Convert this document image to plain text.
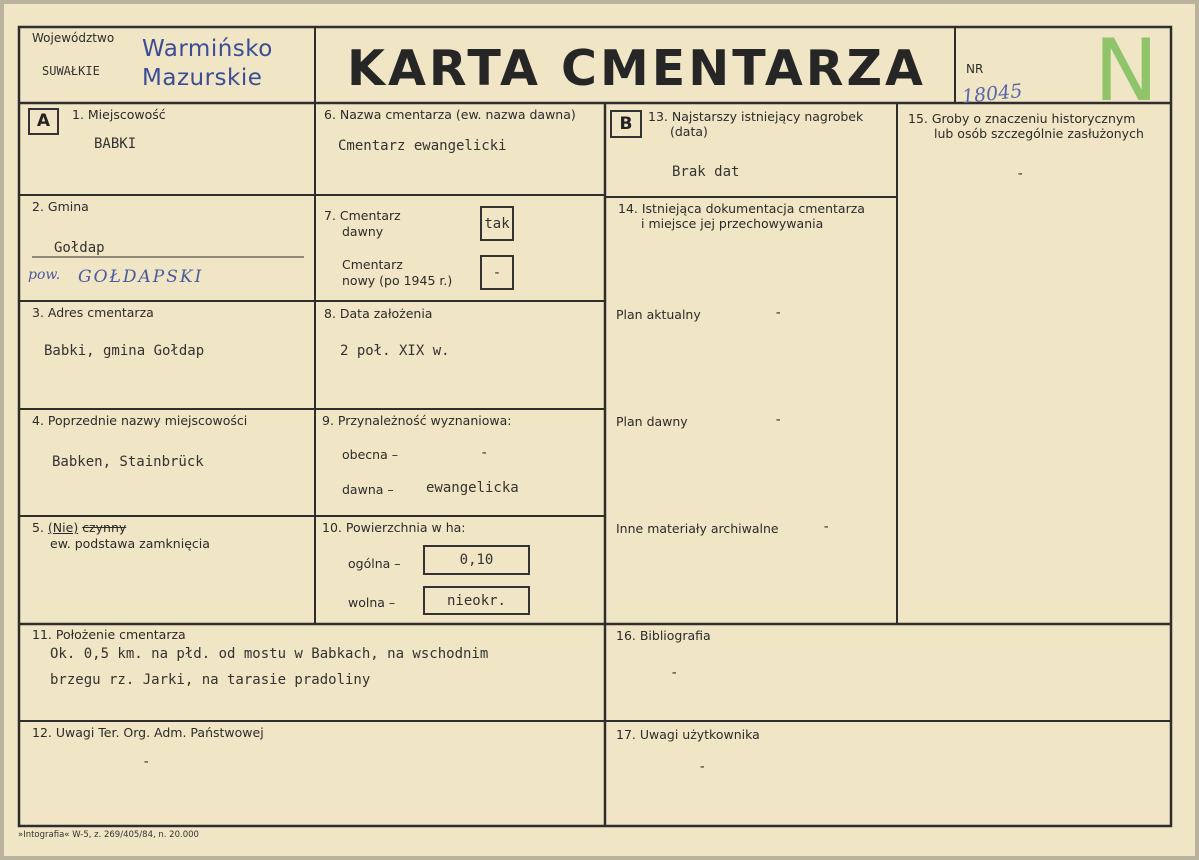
Województwo
SUWAŁKIE
Warmińsko
Mazurskie KARTA CMENTARZA	NR
18045 N
A	1. Miejscowość
BABKI
2. Gmina
Gołdap
pow. GOŁDAPSKI
3. Adres cmentarza
Babki, gmina Gołdap
4. Poprzednie nazwy miejscowości
Babken, Stainbrück
5. (Nie) czynny
ew. podstawa zamknięcia
6. Nazwa cmentarza (ew. nazwa dawna)
Cmentarz ewangelicki
7. Cmentarz
dawny	tak
Cmentarz
nowy (po 1945 r.)	-
8. Data założenia
2 poł. XIX w.
9. Przynależność wyznaniowa:
obecna –	-
dawna – ewangelicka
10. Powierzchnia w ha:
ogólna –	0,10
wolna –	nieokr.
11. Położenie cmentarza
Ok. 0,5 km. na płd. od mostu w Babkach, na wschodnim
brzegu rz. Jarki, na tarasie pradoliny
12. Uwagi Ter. Org. Adm. Państwowej
-
B	13. Najstarszy istniejący nagrobek
(data)
Brak dat
14. Istniejąca dokumentacja cmentarza
i miejsce jej przechowywania
Plan aktualny	-
Plan dawny	-
Inne materiały archiwalne	-
15. Groby o znaczeniu historycznym
lub osób szczególnie zasłużonych
-
16. Bibliografia
-
17. Uwagi użytkownika
-
»Intografia« W-5, z. 269/405/84, n. 20.000
